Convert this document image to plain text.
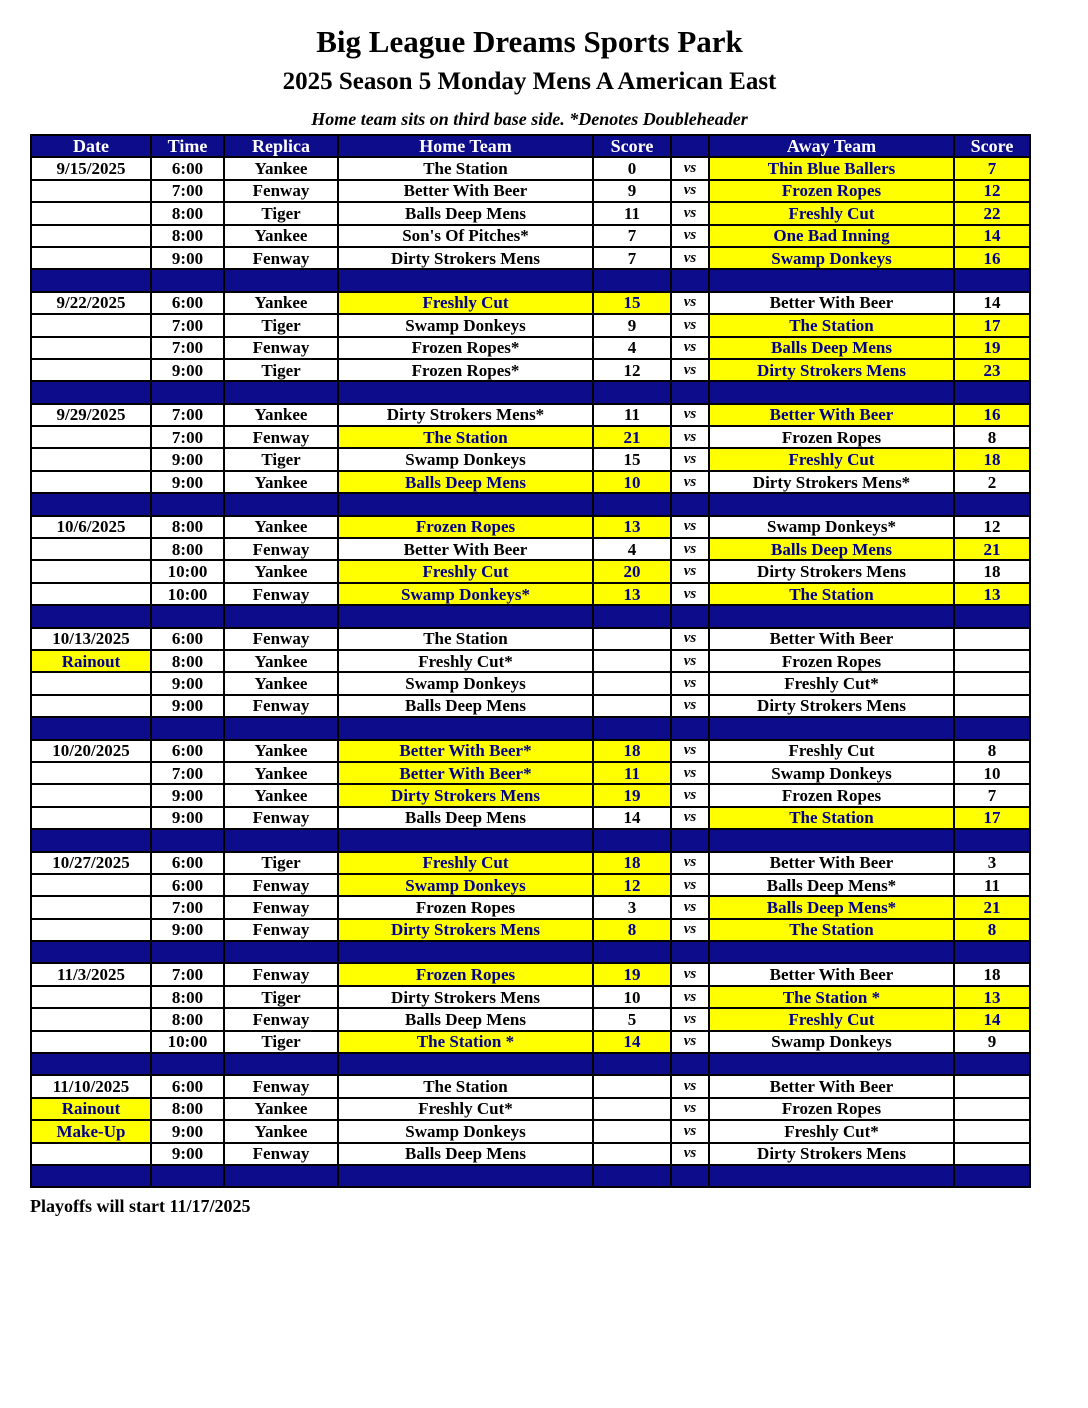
Big League Dreams Sports Park
2025 Season 5 Monday Mens A American East

Home team sits on third base side. *Denotes Doubleheader

Date	Time	Replica	Home Team	Score		Away Team	Score
9/15/2025	6:00	Yankee	The Station	0	vs	Thin Blue Ballers	7
	7:00	Fenway	Better With Beer	9	vs	Frozen Ropes	12
	8:00	Tiger	Balls Deep Mens	11	vs	Freshly Cut	22
	8:00	Yankee	Son's Of Pitches*	7	vs	One Bad Inning	14
	9:00	Fenway	Dirty Strokers Mens	7	vs	Swamp Donkeys	16

9/22/2025	6:00	Yankee	Freshly Cut	15	vs	Better With Beer	14
	7:00	Tiger	Swamp Donkeys	9	vs	The Station	17
	7:00	Fenway	Frozen Ropes*	4	vs	Balls Deep Mens	19
	9:00	Tiger	Frozen Ropes*	12	vs	Dirty Strokers Mens	23

9/29/2025	7:00	Yankee	Dirty Strokers Mens*	11	vs	Better With Beer	16
	7:00	Fenway	The Station	21	vs	Frozen Ropes	8
	9:00	Tiger	Swamp Donkeys	15	vs	Freshly Cut	18
	9:00	Yankee	Balls Deep Mens	10	vs	Dirty Strokers Mens*	2

10/6/2025	8:00	Yankee	Frozen Ropes	13	vs	Swamp Donkeys*	12
	8:00	Fenway	Better With Beer	4	vs	Balls Deep Mens	21
	10:00	Yankee	Freshly Cut	20	vs	Dirty Strokers Mens	18
	10:00	Fenway	Swamp Donkeys*	13	vs	The Station	13

10/13/2025	6:00	Fenway	The Station		vs	Better With Beer	
Rainout	8:00	Yankee	Freshly Cut*		vs	Frozen Ropes	
	9:00	Yankee	Swamp Donkeys		vs	Freshly Cut*	
	9:00	Fenway	Balls Deep Mens		vs	Dirty Strokers Mens	

10/20/2025	6:00	Yankee	Better With Beer*	18	vs	Freshly Cut	8
	7:00	Yankee	Better With Beer*	11	vs	Swamp Donkeys	10
	9:00	Yankee	Dirty Strokers Mens	19	vs	Frozen Ropes	7
	9:00	Fenway	Balls Deep Mens	14	vs	The Station	17

10/27/2025	6:00	Tiger	Freshly Cut	18	vs	Better With Beer	3
	6:00	Fenway	Swamp Donkeys	12	vs	Balls Deep Mens*	11
	7:00	Fenway	Frozen Ropes	3	vs	Balls Deep Mens*	21
	9:00	Fenway	Dirty Strokers Mens	8	vs	The Station	8

11/3/2025	7:00	Fenway	Frozen Ropes	19	vs	Better With Beer	18
	8:00	Tiger	Dirty Strokers Mens	10	vs	The Station *	13
	8:00	Fenway	Balls Deep Mens	5	vs	Freshly Cut	14
	10:00	Tiger	The Station *	14	vs	Swamp Donkeys	9

11/10/2025	6:00	Fenway	The Station		vs	Better With Beer	
Rainout	8:00	Yankee	Freshly Cut*		vs	Frozen Ropes	
Make-Up	9:00	Yankee	Swamp Donkeys		vs	Freshly Cut*	
	9:00	Fenway	Balls Deep Mens		vs	Dirty Strokers Mens	

Playoffs will start 11/17/2025
